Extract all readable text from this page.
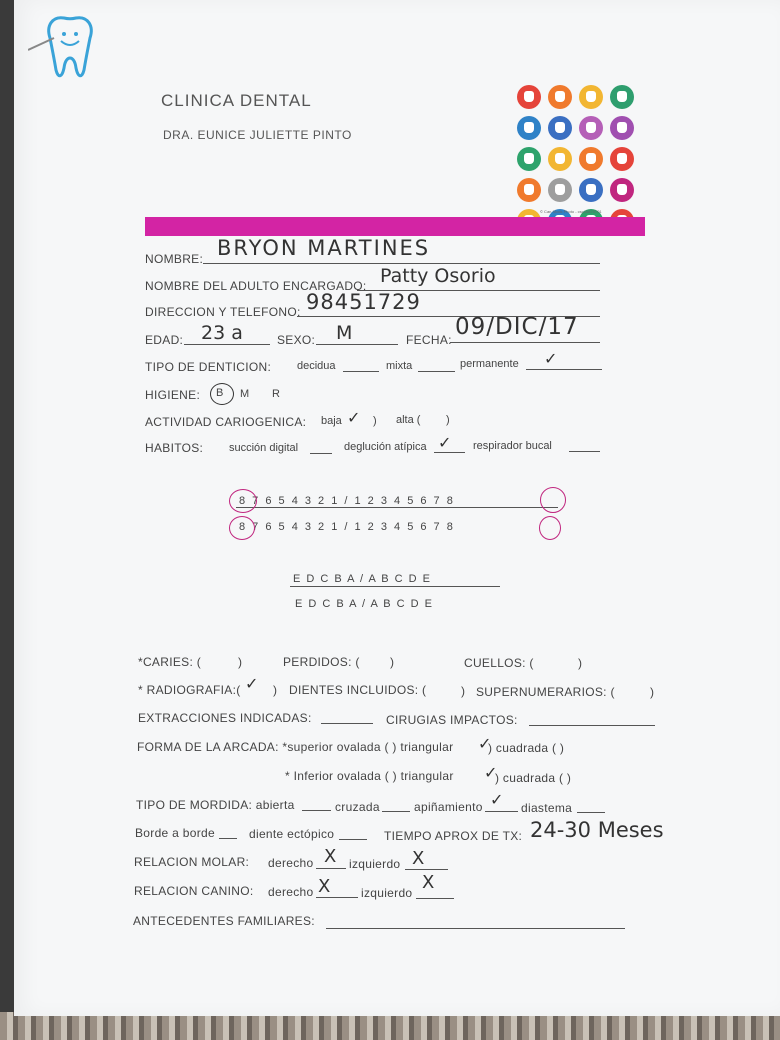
CLINICA DENTAL
DRA. EUNICE JULIETTE PINTO
© Can Stock Photo - csp16870701
NOMBRE: BRYON MARTINES
NOMBRE DEL ADULTO ENCARGADO: Patty Osorio
DIRECCION Y TELEFONO: 98451729
EDAD: 23 a	SEXO: M	FECHA: 09/DIC/17
TIPO DE DENTICION: decidua	mixta	permanente ✓
HIGIENE: B M R
ACTIVIDAD CARIOGENICA: baja ✓ ) alta ( )
HABITOS: succión digital	deglución atípica ✓ respirador bucal
8 7 6 5 4 3 2 1 / 1 2 3 4 5 6 7 8
8 7 6 5 4 3 2 1 / 1 2 3 4 5 6 7 8
E D C B A / A B C D E
E D C B A / A B C D E
*CARIES: (	)	PERDIDOS: (	)	CUELLOS: (	)
* RADIOGRAFIA:( ✓ ) DIENTES INCLUIDOS: (	) SUPERNUMERARIOS: (	)
EXTRACCIONES INDICADAS:	CIRUGIAS IMPACTOS:
FORMA DE LA ARCADA: *superior ovalada ( ) triangular ✓
) cuadrada ( )
* Inferior ovalada ( ) triangular ✓
) cuadrada ( )
TIPO DE MORDIDA: abierta	cruzada	apiñamiento ✓ diastema
Borde a borde	diente ectópico	TIEMPO APROX DE TX: 24-30 Meses
RELACION MOLAR: derecho X izquierdo X
RELACION CANINO: derecho X	izquierdo X
ANTECEDENTES FAMILIARES:
